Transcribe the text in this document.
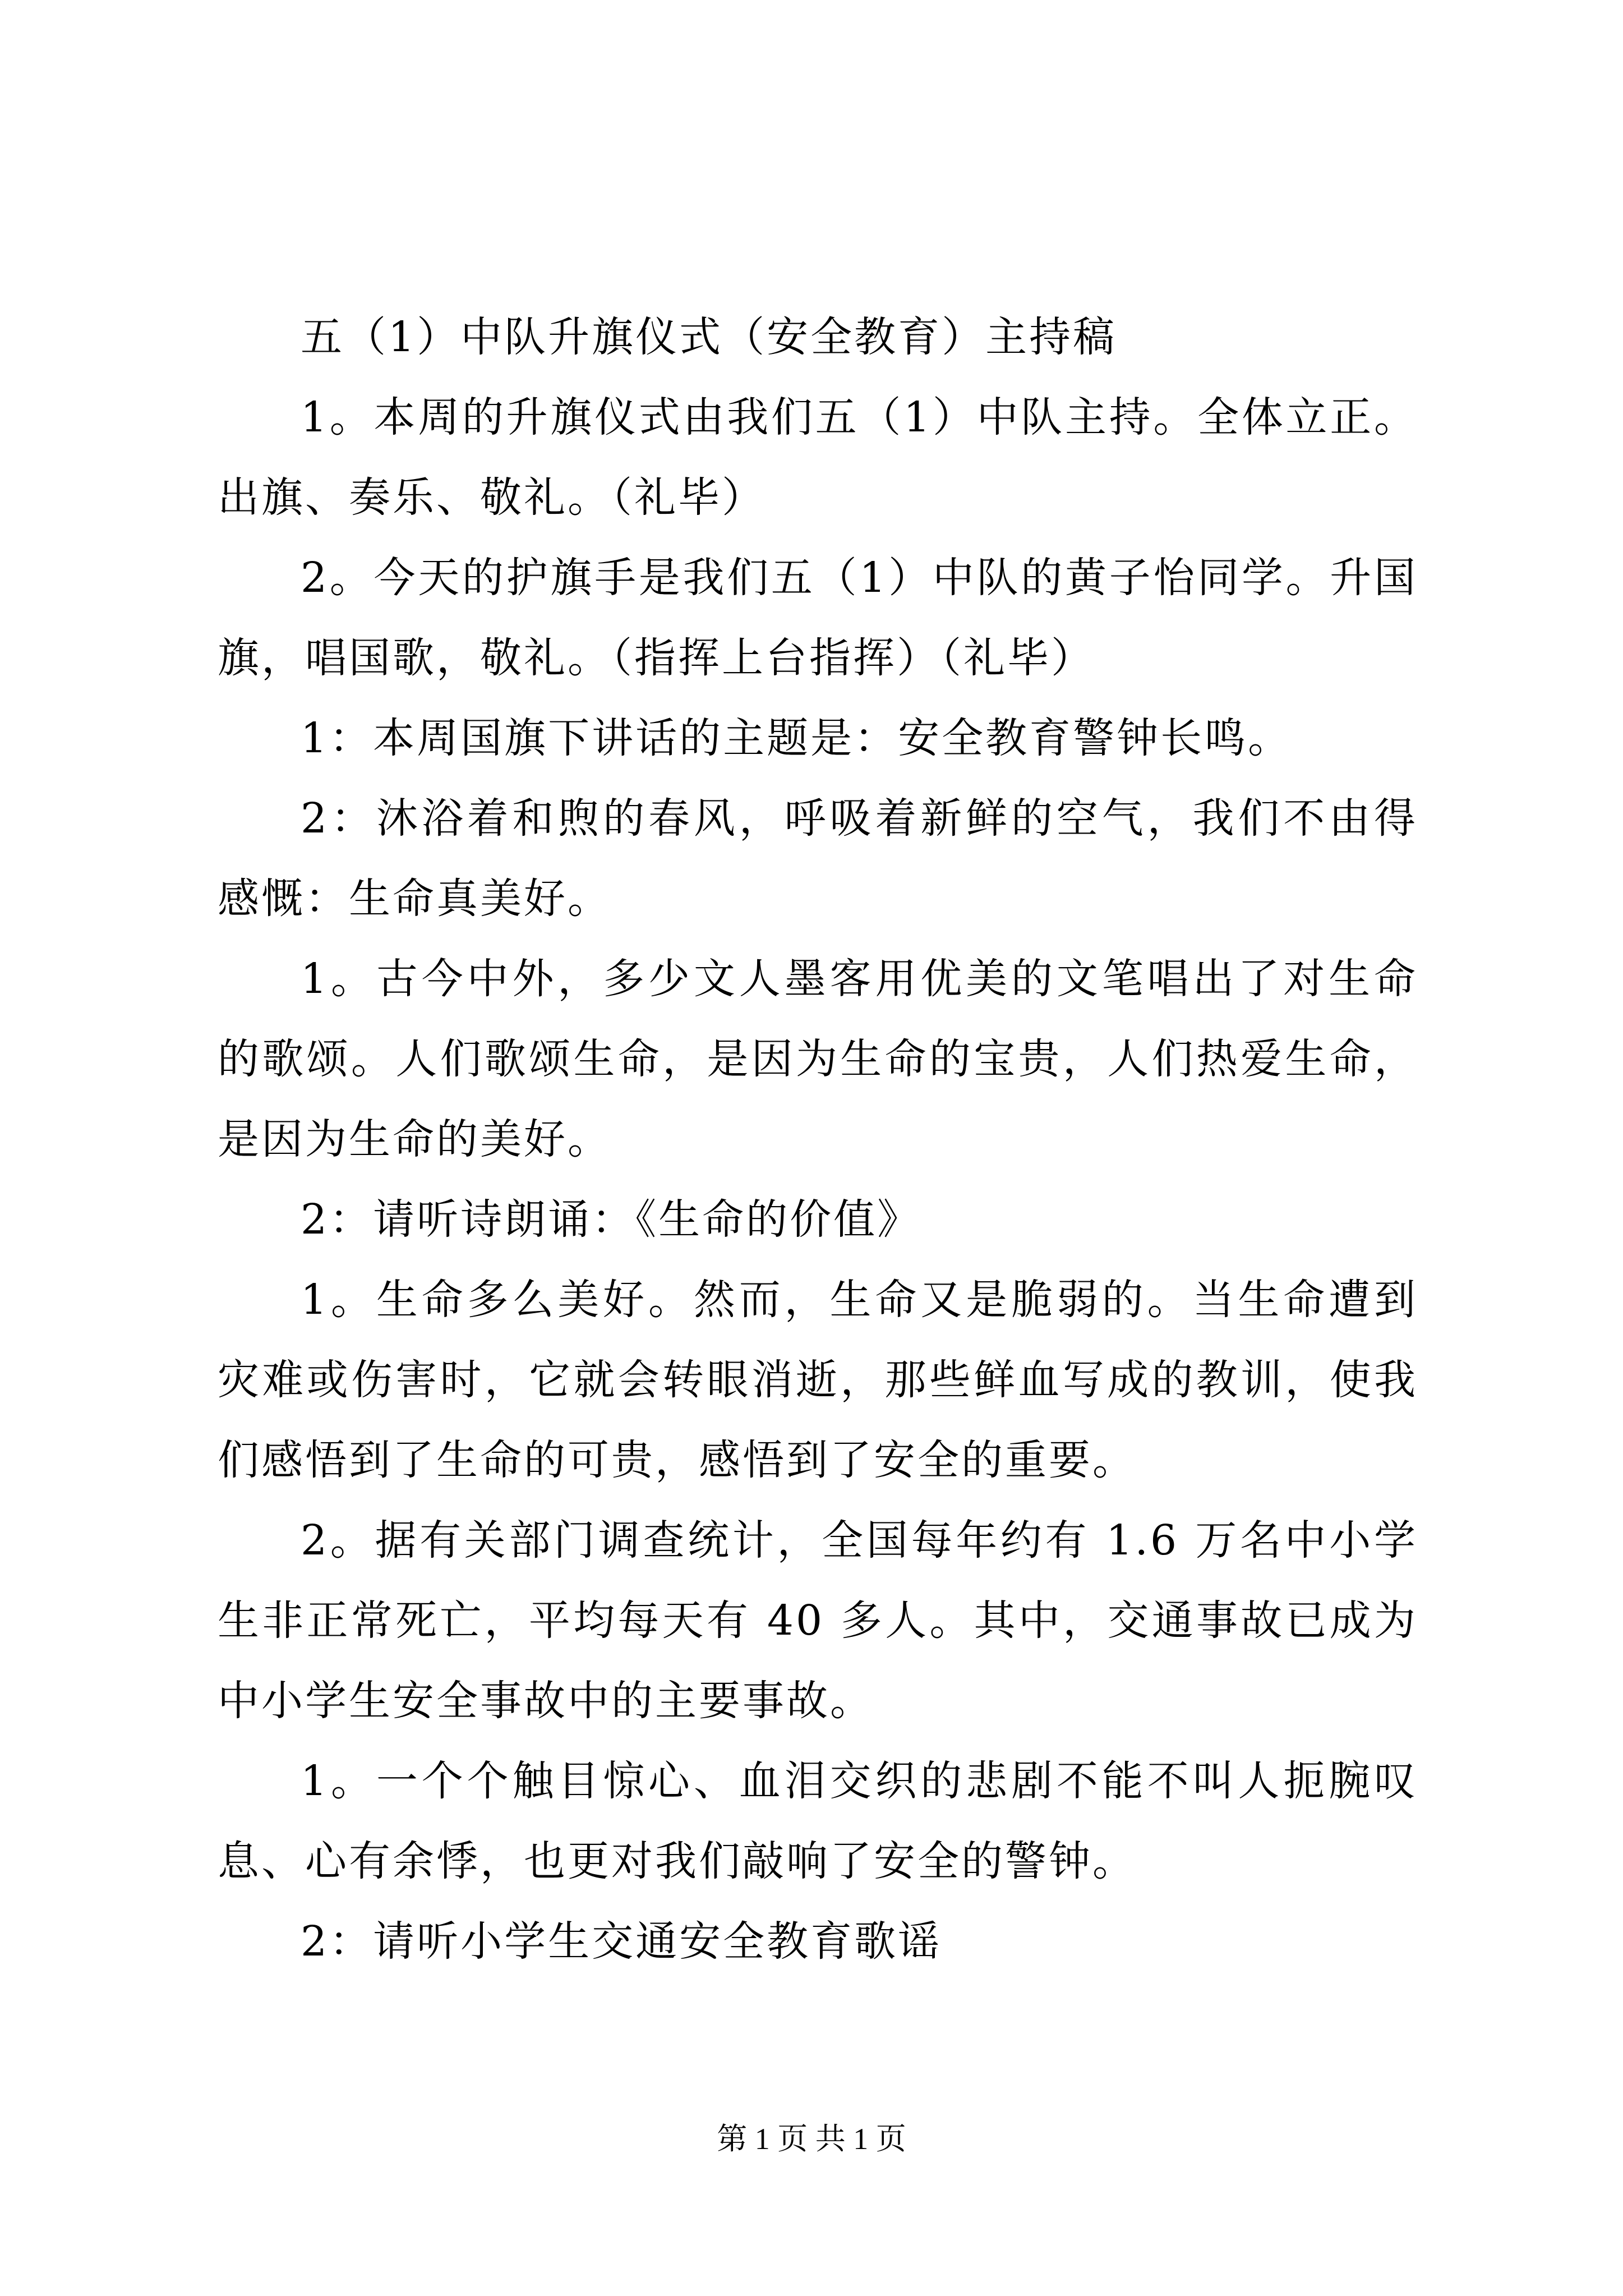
五（1）中队升旗仪式（安全教育）主持稿

1。本周的升旗仪式由我们五（1）中队主持。全体立正。出旗、奏乐、敬礼。（礼毕）

2。今天的护旗手是我们五（1）中队的黄子怡同学。升国旗，唱国歌，敬礼。（指挥上台指挥）（礼毕）

1：本周国旗下讲话的主题是：安全教育警钟长鸣。

2：沐浴着和煦的春风，呼吸着新鲜的空气，我们不由得感慨：生命真美好。

1。古今中外，多少文人墨客用优美的文笔唱出了对生命的歌颂。人们歌颂生命，是因为生命的宝贵，人们热爱生命，是因为生命的美好。

2：请听诗朗诵：《生命的价值》

1。生命多么美好。然而，生命又是脆弱的。当生命遭到灾难或伤害时，它就会转眼消逝，那些鲜血写成的教训，使我们感悟到了生命的可贵，感悟到了安全的重要。

2。据有关部门调查统计，全国每年约有 1.6 万名中小学生非正常死亡，平均每天有 40 多人。其中，交通事故已成为中小学生安全事故中的主要事故。

1。一个个触目惊心、血泪交织的悲剧不能不叫人扼腕叹息、心有余悸，也更对我们敲响了安全的警钟。

2：请听小学生交通安全教育歌谣

第 1 页 共 1 页
